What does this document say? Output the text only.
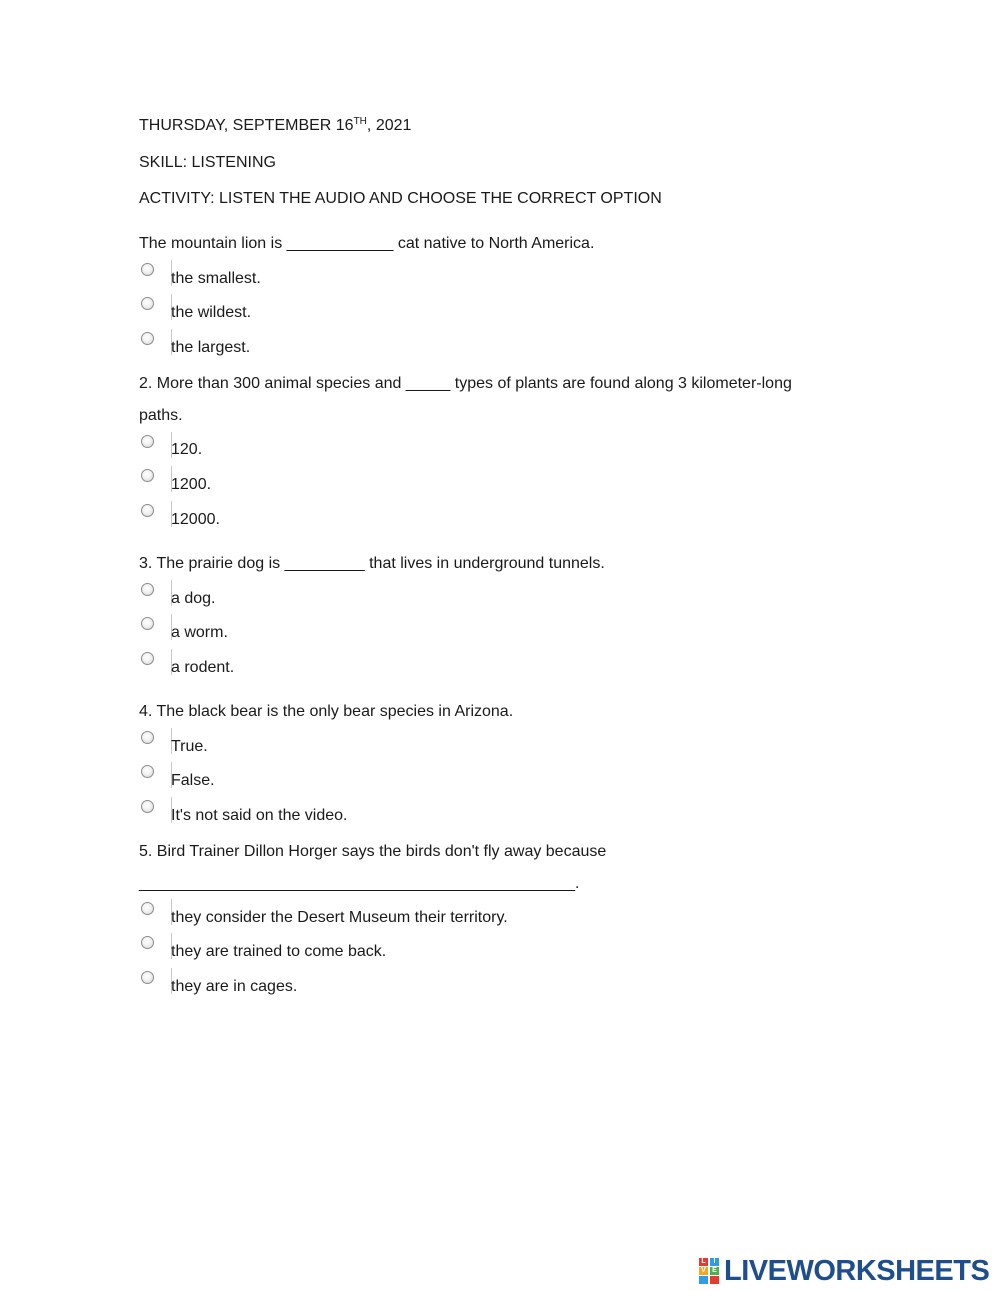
THURSDAY, SEPTEMBER 16TH, 2021
SKILL: LISTENING
ACTIVITY: LISTEN THE AUDIO AND CHOOSE THE CORRECT OPTION
The mountain lion is ____________ cat native to North America.
the smallest.
the wildest.
the largest.
2. More than 300 animal species and _____ types of plants are found along 3 kilometer-long
paths.
120.
1200.
12000.
3. The prairie dog is _________ that lives in underground tunnels.
a dog.
a worm.
a rodent.
4. The black bear is the only bear species in Arizona.
True.
False.
It's not said on the video.
5. Bird Trainer Dillon Horger says the birds don't fly away because
_________________________________________________.
they consider the Desert Museum their territory.
they are trained to come back.
they are in cages.
L	I
V E LIVEWORKSHEETS
